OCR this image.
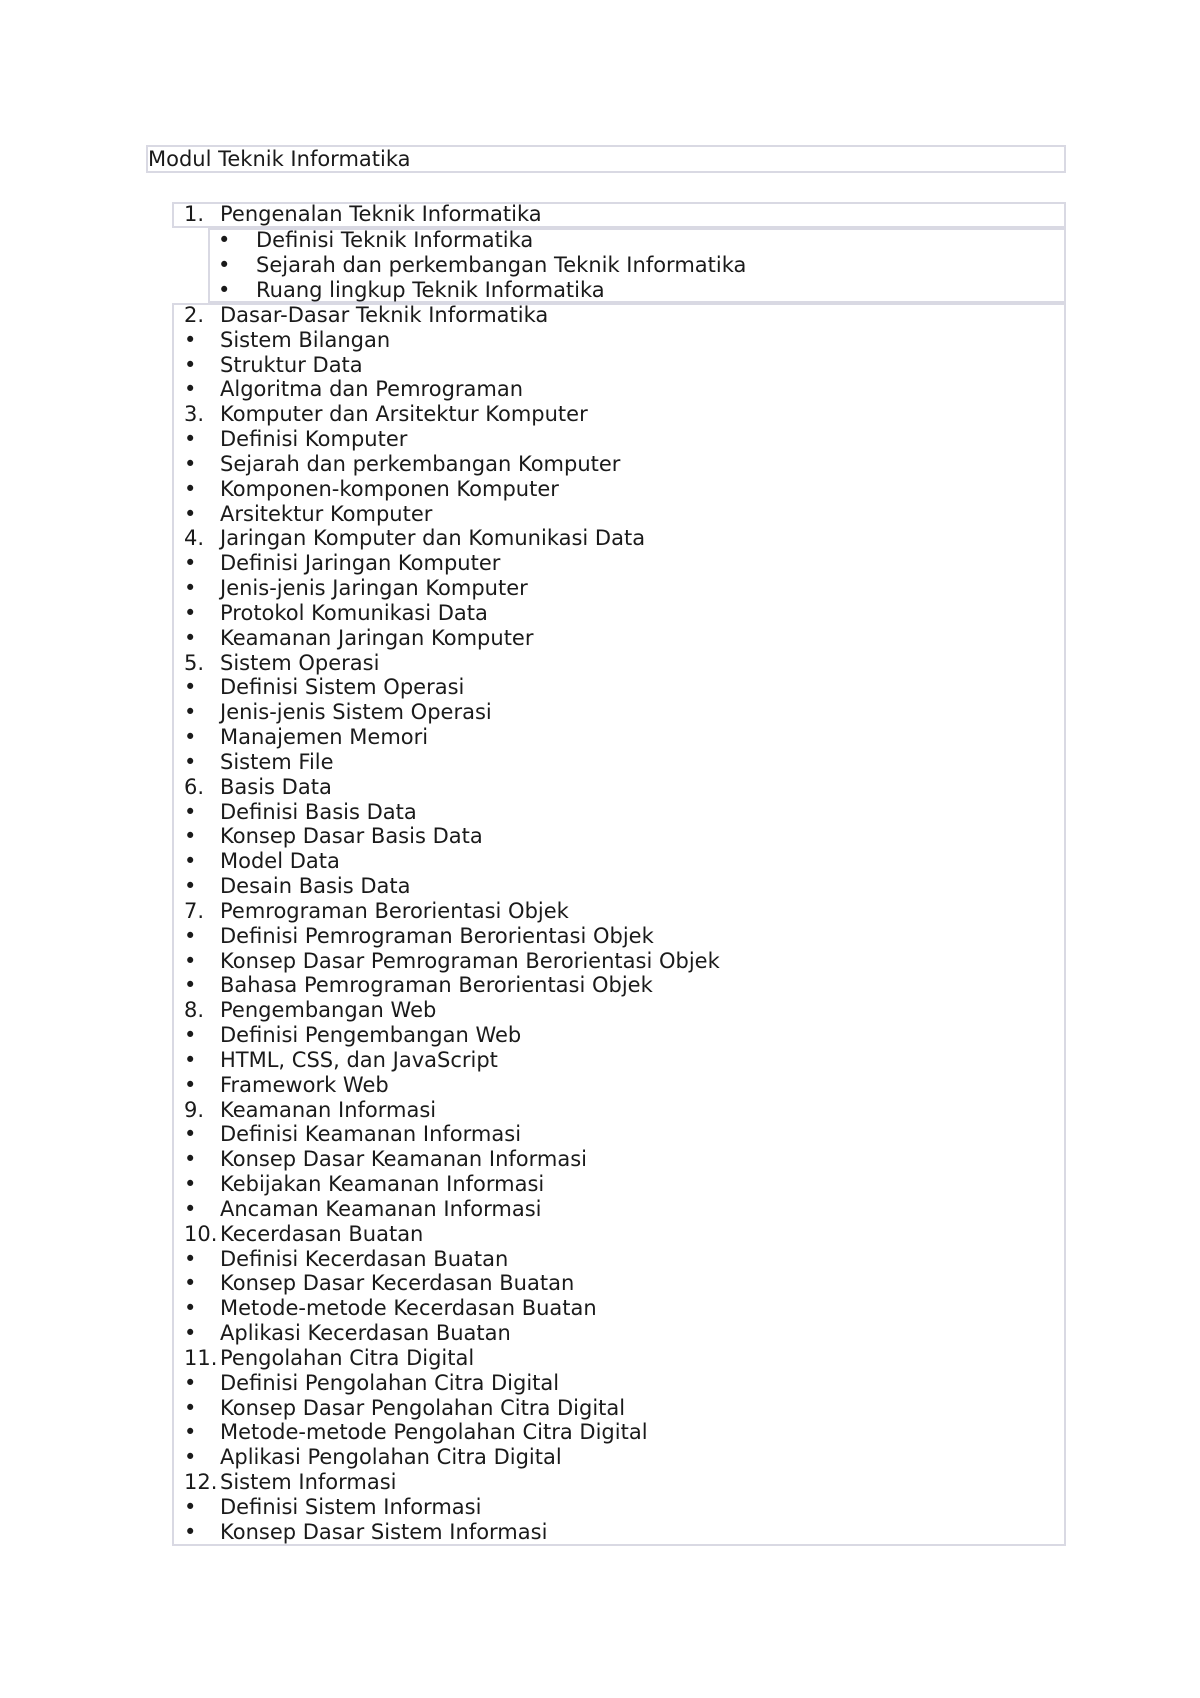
Modul Teknik Informatika
1. Pengenalan Teknik Informatika
• Definisi Teknik Informatika
• Sejarah dan perkembangan Teknik Informatika
• Ruang lingkup Teknik Informatika
2. Dasar-Dasar Teknik Informatika
• Sistem Bilangan
• Struktur Data
• Algoritma dan Pemrograman
3. Komputer dan Arsitektur Komputer
• Definisi Komputer
• Sejarah dan perkembangan Komputer
• Komponen-komponen Komputer
• Arsitektur Komputer
4. Jaringan Komputer dan Komunikasi Data
• Definisi Jaringan Komputer
• Jenis-jenis Jaringan Komputer
• Protokol Komunikasi Data
• Keamanan Jaringan Komputer
5. Sistem Operasi
• Definisi Sistem Operasi
• Jenis-jenis Sistem Operasi
• Manajemen Memori
• Sistem File
6. Basis Data
• Definisi Basis Data
• Konsep Dasar Basis Data
• Model Data
• Desain Basis Data
7. Pemrograman Berorientasi Objek
• Definisi Pemrograman Berorientasi Objek
• Konsep Dasar Pemrograman Berorientasi Objek
• Bahasa Pemrograman Berorientasi Objek
8. Pengembangan Web
• Definisi Pengembangan Web
• HTML, CSS, dan JavaScript
• Framework Web
9. Keamanan Informasi
• Definisi Keamanan Informasi
• Konsep Dasar Keamanan Informasi
• Kebijakan Keamanan Informasi
• Ancaman Keamanan Informasi
10. Kecerdasan Buatan
• Definisi Kecerdasan Buatan
• Konsep Dasar Kecerdasan Buatan
• Metode-metode Kecerdasan Buatan
• Aplikasi Kecerdasan Buatan
11. Pengolahan Citra Digital
• Definisi Pengolahan Citra Digital
• Konsep Dasar Pengolahan Citra Digital
• Metode-metode Pengolahan Citra Digital
• Aplikasi Pengolahan Citra Digital
12. Sistem Informasi
• Definisi Sistem Informasi
• Konsep Dasar Sistem Informasi
